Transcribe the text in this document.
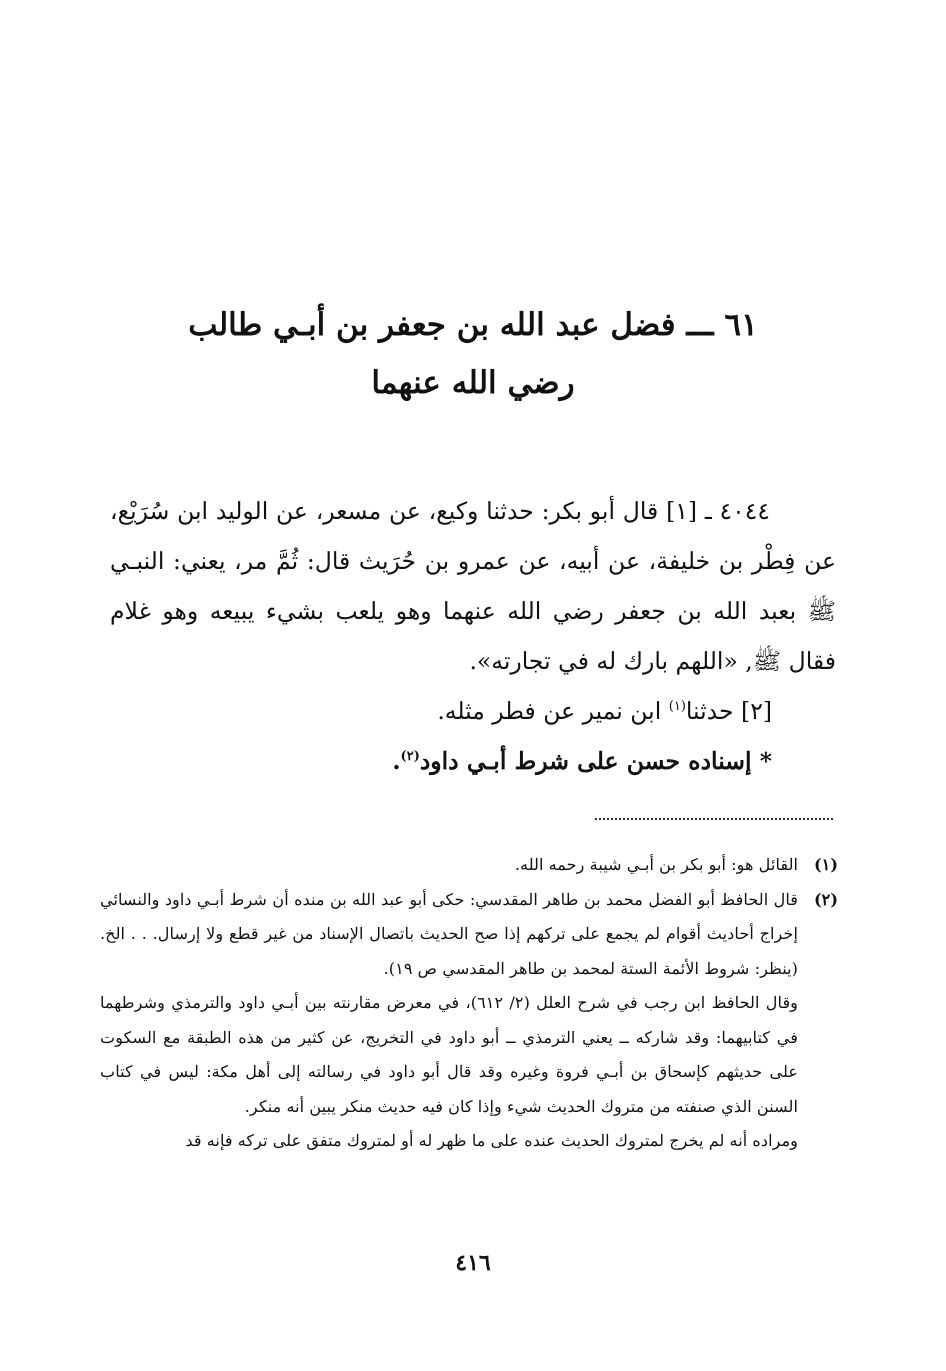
٦١ ـــ فضل عبد الله بن جعفر بن أبـي طالب
رضي الله عنهما

٤٠٤٤ ـ [١] قال أبو بكر: حدثنا وكيع، عن مسعر، عن الوليد ابن سُرَيْع، عن فِطْر بن خليفة، عن أبيه، عن عمرو بن حُرَيث قال: ثُمَّ مر، يعني: النبـي ﷺ بعبد الله بن جعفر رضي الله عنهما وهو يلعب بشيء يبيعه وهو غلام فقال ﷺ, «اللهم بارك له في تجارته».

[٢] حدثنا$^{(١)}$ ابن نمير عن فطر مثله.

* إسناده حسن على شرط أبـي داود$^{(٢)}$.

(١)

القائل هو: أبو بكر بن أبـي شيبة رحمه الله.

(٢)

قال الحافظ أبو الفضل محمد بن طاهر المقدسي: حكى أبو عبد الله بن منده أن شرط أبـي داود والنسائي إخراج أحاديث أقوام لم يجمع على تركهم إذا صح الحديث باتصال الإسناد من غير قطع ولا إرسال. . . الخ. (ينظر: شروط الأئمة الستة لمحمد بن طاهر المقدسي ص ١٩).

وقال الحافظ ابن رجب في شرح العلل (٢/ ٦١٢)، في معرض مقارنته بين أبـي داود والترمذي وشرطهما في كتابيهما: وقد شاركه ــ يعني الترمذي ــ أبو داود في التخريج، عن كثير من هذه الطبقة مع السكوت على حديثهم كإسحاق بن أبـي فروة وغيره وقد قال أبو داود في رسالته إلى أهل مكة: ليس في كتاب السنن الذي صنفته من متروك الحديث شيء وإذا كان فيه حديث منكر يبين أنه منكر.

ومراده أنه لم يخرج لمتروك الحديث عنده على ما ظهر له أو لمتروك متفق على تركه فإنه قد

٤١٦
